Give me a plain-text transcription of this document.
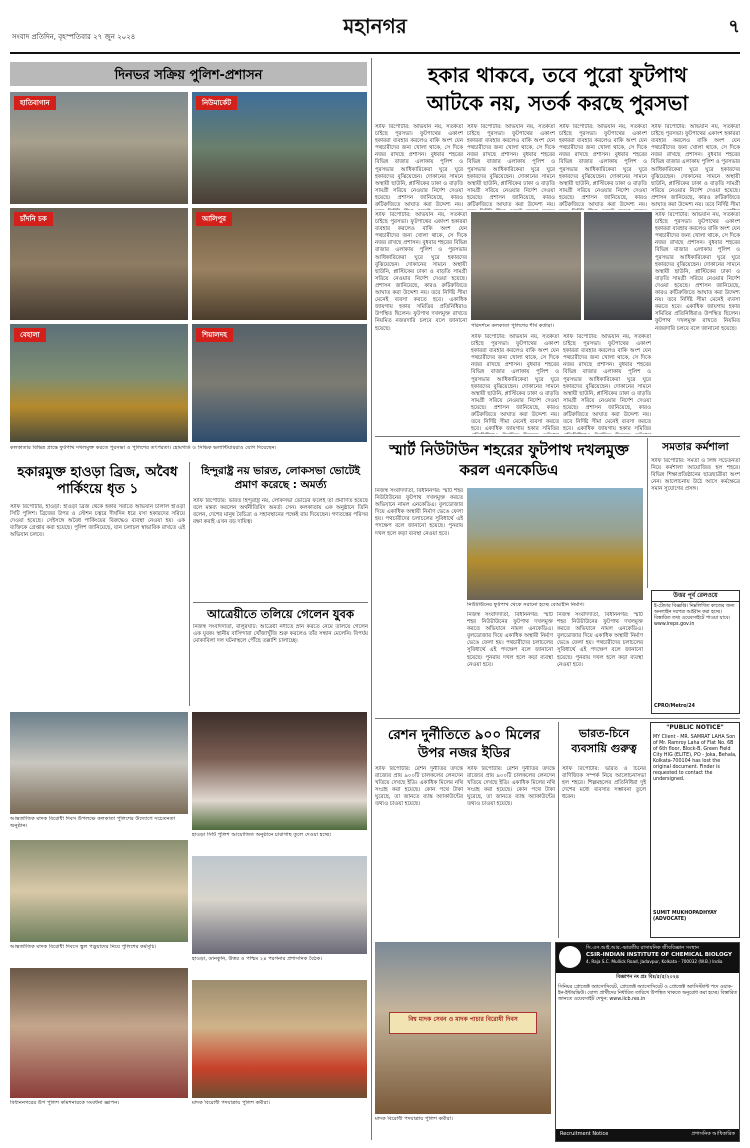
সংবাদ প্রতিদিন, বৃহস্পতিবার ২৭ জুন ২০২৪	মহানগর	৭
দিনভর সক্রিয় পুলিশ-প্রশাসন
হাতিবাগান	নিউমার্কেট
চাঁদনি চক	আলিপুর
বেহালা	শিয়ালদহ
কলকাতার বিভিন্ন প্রান্তে ফুটপাথ দখলমুক্ত করতে পুরসভা ও পুলিশের তৎপরতা। হোমগার্ড ও সিভিক ভলান্টিয়াররাও যোগ দিয়েছেন।
হকারমুক্ত হাওড়া ব্রিজ, অবৈধ পার্কিংয়ে ধৃত ১
স্টাফ রিপোর্টার, হাওড়া: হাওড়া ব্রিজ থেকে হকার সরাতে অভিযান চালাল হাওড়া সিটি পুলিশ। ব্রিজের উপর ও স্টেশন চত্বরে দীর্ঘদিন ধরে বসা হকারদের সরিয়ে দেওয়া হয়েছে। সেইসঙ্গে অবৈধ পার্কিংয়ের বিরুদ্ধেও ব্যবস্থা নেওয়া হয়। এক ব্যক্তিকে গ্রেপ্তার করা হয়েছে। পুলিশ জানিয়েছে, যান চলাচল স্বাভাবিক রাখতে এই অভিযান চলবে।
হিন্দুরাষ্ট্র নয় ভারত, লোকসভা ভোটেই প্রমাণ করেছে : অমর্ত্য
স্টাফ রিপোর্টার: ভারত হিন্দুরাষ্ট্র নয়, লোকসভা ভোটের ফলেই তা প্রমাণিত হয়েছে বলে মন্তব্য করলেন অর্থনীতিবিদ অমর্ত্য সেন। কলকাতায় এক অনুষ্ঠানে তিনি বলেন, দেশের মানুষ বৈচিত্র্য ও সহাবস্থানের পক্ষেই রায় দিয়েছেন। গণতন্ত্রের পরিসর রক্ষা করাই এখন বড় দায়িত্ব।
আত্রেয়ীতে তলিয়ে গেলেন যুবক
নিজস্ব সংবাদদাতা, বালুরঘাট: আত্রেয়ী নদীতে স্নান করতে নেমে তলিয়ে গেলেন এক যুবক। স্থানীয় বাসিন্দারা খোঁজাখুঁজি শুরু করলেও তাঁর সন্ধান মেলেনি। বিপর্যয় মোকাবিলা দল ঘটনাস্থলে পৌঁছে তল্লাশি চালাচ্ছে।
আন্তর্জাতিক মাদক বিরোধী দিবস উপলক্ষে কলকাতা পুলিশের উদ্যোগে সচেতনতা অনুষ্ঠান।
হাওড়া সিটি পুলিশ আয়োজিত অনুষ্ঠানে চারাগাছ তুলে দেওয়া হচ্ছে।
আন্তর্জাতিক মাদক বিরোধী দিবসে স্কুল পড়ুয়াদের নিয়ে পুলিশের কর্মসূচি।
হাওড়া, ডানকুনি, উত্তর ও পশ্চিম ২৪ পরগনার প্রশাসনিক বৈঠক।
বিধাননগরের উপ পুলিশ কমিশনারকে সংবর্ধনা জ্ঞাপন।	মাদক বিরোধী পদযাত্রায় পুলিশ কর্মীরা।
হকার থাকবে, তবে পুরো ফুটপাথ
আটকে নয়, সতর্ক করছে পুরসভা
স্টাফ রিপোর্টার: অভিযান নয়, সতর্কতা চাইছে পুরসভা। ফুটপাথের একাংশ হকাররা ব্যবহার করলেও বাকি অংশ যেন পথচারীদের জন্য খোলা থাকে, সে দিকে নজর রাখছে প্রশাসন। বুধবার শহরের বিভিন্ন বাজার এলাকায় পুলিশ ও পুরসভার আধিকারিকেরা ঘুরে ঘুরে হকারদের বুঝিয়েছেন। দোকানের সামনে অস্থায়ী ছাউনি, প্লাস্টিকের ঢাকা ও বাড়তি সামগ্রী সরিয়ে নেওয়ার নির্দেশ দেওয়া হয়েছে। প্রশাসন জানিয়েছে, কারও রুটিরুজিতে আঘাত করা উদ্দেশ্য নয়।
স্টাফ রিপোর্টার: অভিযান নয়, সতর্কতা চাইছে পুরসভা। ফুটপাথের একাংশ হকাররা ব্যবহার করলেও বাকি অংশ যেন পথচারীদের জন্য খোলা থাকে, সে দিকে নজর রাখছে প্রশাসন। বুধবার শহরের বিভিন্ন বাজার এলাকায় পুলিশ ও পুরসভার আধিকারিকেরা ঘুরে ঘুরে হকারদের বুঝিয়েছেন। দোকানের সামনে অস্থায়ী ছাউনি, প্লাস্টিকের ঢাকা ও বাড়তি সামগ্রী সরিয়ে নেওয়ার নির্দেশ দেওয়া হয়েছে। প্রশাসন জানিয়েছে, কারও রুটিরুজিতে আঘাত করা উদ্দেশ্য নয়।
স্টাফ রিপোর্টার: অভিযান নয়, সতর্কতা চাইছে পুরসভা। ফুটপাথের একাংশ হকাররা ব্যবহার করলেও বাকি অংশ যেন পথচারীদের জন্য খোলা থাকে, সে দিকে নজর রাখছে প্রশাসন। বুধবার শহরের বিভিন্ন বাজার এলাকায় পুলিশ ও পুরসভার আধিকারিকেরা ঘুরে ঘুরে হকারদের বুঝিয়েছেন। দোকানের সামনে অস্থায়ী ছাউনি, প্লাস্টিকের ঢাকা ও বাড়তি সামগ্রী সরিয়ে নেওয়ার নির্দেশ দেওয়া হয়েছে। প্রশাসন জানিয়েছে, কারও রুটিরুজিতে আঘাত করা উদ্দেশ্য নয়।
স্টাফ রিপোর্টার: অভিযান নয়, সতর্কতা চাইছে পুরসভা। ফুটপাথের একাংশ হকাররা ব্যবহার করলেও বাকি অংশ যেন পথচারীদের জন্য খোলা থাকে, সে দিকে নজর রাখছে প্রশাসন। বুধবার শহরের বিভিন্ন বাজার এলাকায় পুলিশ ও পুরসভার আধিকারিকেরা ঘুরে ঘুরে হকারদের বুঝিয়েছেন। দোকানের সামনে অস্থায়ী ছাউনি, প্লাস্টিকের ঢাকা ও বাড়তি সামগ্রী সরিয়ে নেওয়ার নির্দেশ দেওয়া হয়েছে। প্রশাসন জানিয়েছে, কারও রুটিরুজিতে আঘাত করা উদ্দেশ্য নয়। তবে নির্দিষ্ট সীমা
পরিদর্শনে কলকাতা পুলিশের শীর্ষ কর্তারা।
স্টাফ রিপোর্টার: অভিযান নয়, সতর্কতা চাইছে পুরসভা। ফুটপাথের একাংশ হকাররা ব্যবহার করলেও বাকি অংশ যেন পথচারীদের জন্য খোলা থাকে, সে দিকে নজর রাখছে প্রশাসন। বুধবার শহরের বিভিন্ন বাজার এলাকায় পুলিশ ও পুরসভার আধিকারিকেরা ঘুরে ঘুরে হকারদের বুঝিয়েছেন। দোকানের সামনে অস্থায়ী ছাউনি, প্লাস্টিকের ঢাকা ও বাড়তি সামগ্রী সরিয়ে নেওয়ার নির্দেশ দেওয়া হয়েছে। প্রশাসন জানিয়েছে, কারও রুটিরুজিতে আঘাত করা উদ্দেশ্য নয়। তবে নির্দিষ্ট সীমা মেনেই ব্যবসা করতে হবে। একাধিক জায়গায় হকার সমিতির প্রতিনিধিরাও উপস্থিত ছিলেন। ফুটপাথ দখলমুক্ত রাখতে নিয়মিত নজরদারি চলবে বলে জানানো হয়েছে।
স্টাফ রিপোর্টার: অভিযান নয়, সতর্কতা চাইছে পুরসভা। ফুটপাথের একাংশ হকাররা ব্যবহার করলেও বাকি অংশ যেন পথচারীদের জন্য খোলা থাকে, সে দিকে নজর রাখছে প্রশাসন। বুধবার শহরের বিভিন্ন বাজার এলাকায় পুলিশ ও পুরসভার আধিকারিকেরা ঘুরে ঘুরে হকারদের বুঝিয়েছেন। দোকানের সামনে অস্থায়ী ছাউনি, প্লাস্টিকের ঢাকা ও বাড়তি সামগ্রী সরিয়ে নেওয়ার নির্দেশ দেওয়া হয়েছে। প্রশাসন জানিয়েছে, কারও রুটিরুজিতে আঘাত করা উদ্দেশ্য নয়। তবে নির্দিষ্ট সীমা মেনেই ব্যবসা করতে হবে। একাধিক জায়গায় হকার সমিতির
স্টাফ রিপোর্টার: অভিযান নয়, সতর্কতা চাইছে পুরসভা। ফুটপাথের একাংশ হকাররা ব্যবহার করলেও বাকি অংশ যেন পথচারীদের জন্য খোলা থাকে, সে দিকে নজর রাখছে প্রশাসন। বুধবার শহরের বিভিন্ন বাজার এলাকায় পুলিশ ও পুরসভার আধিকারিকেরা ঘুরে ঘুরে হকারদের বুঝিয়েছেন। দোকানের সামনে অস্থায়ী ছাউনি, প্লাস্টিকের ঢাকা ও বাড়তি সামগ্রী সরিয়ে নেওয়ার নির্দেশ দেওয়া হয়েছে। প্রশাসন জানিয়েছে, কারও রুটিরুজিতে আঘাত করা উদ্দেশ্য নয়। তবে নির্দিষ্ট সীমা মেনেই ব্যবসা করতে হবে। একাধিক জায়গায় হকার সমিতির
স্টাফ রিপোর্টার: অভিযান নয়, সতর্কতা চাইছে পুরসভা। ফুটপাথের একাংশ হকাররা ব্যবহার করলেও বাকি অংশ যেন পথচারীদের জন্য খোলা থাকে, সে দিকে নজর রাখছে প্রশাসন। বুধবার শহরের বিভিন্ন বাজার এলাকায় পুলিশ ও পুরসভার আধিকারিকেরা ঘুরে ঘুরে হকারদের বুঝিয়েছেন। দোকানের সামনে অস্থায়ী ছাউনি, প্লাস্টিকের ঢাকা ও বাড়তি সামগ্রী সরিয়ে নেওয়ার নির্দেশ দেওয়া হয়েছে। প্রশাসন জানিয়েছে, কারও রুটিরুজিতে আঘাত করা উদ্দেশ্য নয়। তবে নির্দিষ্ট সীমা মেনেই ব্যবসা করতে হবে। একাধিক জায়গায় হকার সমিতির প্রতিনিধিরাও উপস্থিত ছিলেন। ফুটপাথ দখলমুক্ত রাখতে নিয়মিত নজরদারি চলবে বলে জানানো হয়েছে।
স্মার্ট নিউটাউন শহরের ফুটপাথ দখলমুক্ত করল এনকেডিএ
নিজস্ব সংবাদদাতা, বিধাননগর: স্মার্ট শহর নিউটাউনের ফুটপাথ দখলমুক্ত করতে অভিযানে নামল এনকেডিএ। বুলডোজার দিয়ে একাধিক অস্থায়ী নির্মাণ ভেঙে ফেলা হয়। পথচারীদের চলাচলের সুবিধার্থে এই পদক্ষেপ বলে জানানো হয়েছে। পুনরায় দখল হলে কড়া ব্যবস্থা নেওয়া হবে।
নিউটাউনের ফুটপাথ থেকে সরানো হচ্ছে বেআইনি নির্মাণ।
নিজস্ব সংবাদদাতা, বিধাননগর: স্মার্ট শহর নিউটাউনের ফুটপাথ দখলমুক্ত করতে অভিযানে নামল এনকেডিএ। বুলডোজার দিয়ে একাধিক অস্থায়ী নির্মাণ ভেঙে ফেলা হয়। পথচারীদের চলাচলের সুবিধার্থে এই পদক্ষেপ বলে জানানো হয়েছে। পুনরায় দখল হলে কড়া ব্যবস্থা নেওয়া হবে।
নিজস্ব সংবাদদাতা, বিধাননগর: স্মার্ট শহর নিউটাউনের ফুটপাথ দখলমুক্ত করতে অভিযানে নামল এনকেডিএ। বুলডোজার দিয়ে একাধিক অস্থায়ী নির্মাণ ভেঙে ফেলা হয়। পথচারীদের চলাচলের সুবিধার্থে এই পদক্ষেপ বলে জানানো হয়েছে। পুনরায় দখল হলে কড়া ব্যবস্থা নেওয়া হবে।
সমতার কর্মশালা
স্টাফ রিপোর্টার: সমতা ও লিঙ্গ সচেতনতা নিয়ে কর্মশালা আয়োজিত হল শহরে। বিভিন্ন শিক্ষাপ্রতিষ্ঠানের ছাত্রছাত্রীরা অংশ নেন। আলোচনায় উঠে আসে কর্মক্ষেত্রে সমান সুযোগের প্রসঙ্গ।
উত্তর পূর্ব রেলওয়ে
ই-টেন্ডার বিজ্ঞপ্তি। নিম্নলিখিত কাজের জন্য অনলাইন দরপত্র আহ্বান করা হচ্ছে। বিস্তারিত তথ্য ওয়েবসাইটে পাওয়া যাবে। www.ireps.gov.in
CPRO/Metro/24
রেশন দুর্নীতিতে ৯০০ মিলের উপর নজর ইডির
স্টাফ রিপোর্টার: রেশন দুর্নীতির তদন্তে রাজ্যের প্রায় ৯০০টি চালকলের লেনদেন খতিয়ে দেখছে ইডি। একাধিক মিলের নথি সংগ্রহ করা হয়েছে। কোন পথে টাকা ঘুরেছে, তা জানতে ব্যাঙ্ক অ্যাকাউন্টের তথ্যও চাওয়া হয়েছে।
স্টাফ রিপোর্টার: রেশন দুর্নীতির তদন্তে রাজ্যের প্রায় ৯০০টি চালকলের লেনদেন খতিয়ে দেখছে ইডি। একাধিক মিলের নথি সংগ্রহ করা হয়েছে। কোন পথে টাকা ঘুরেছে, তা জানতে ব্যাঙ্ক অ্যাকাউন্টের তথ্যও চাওয়া হয়েছে।
ভারত-চিনে ব্যবসায়ি গুরুত্ব
স্টাফ রিপোর্টার: ভারত ও চিনের বাণিজ্যিক সম্পর্ক নিয়ে আলোচনাসভা হল শহরে। শিল্পমহলের প্রতিনিধিরা দুই দেশের মধ্যে ব্যবসার সম্ভাবনা তুলে ধরেন।
"PUBLIC NOTICE"
MY Client - MR. SAMRAT LAHA Son of Mr. Ramroy Laha of Flat No. 6B of 6th floor, Block-B, Green Field City HIG (ELITE), PO - Joka, Behala, Kolkata-700104 has lost the original document. Finder is requested to contact the undersigned.
SUMIT MUKHOPADHYAY (ADVOCATE)
সি.এস.আই.আর.-ভারতীয় রাসায়নিক জীববিজ্ঞান সংস্থান
CSIR-INDIAN INSTITUTE OF CHEMICAL BIOLOGY
4, Raja S.C. Mullick Road, Jadavpur, Kolkata - 700032 (W.B.) India
বিজ্ঞাপন নং প্রঃ বিঃ/৫/৫/২০২৪
সিনিয়র প্রোজেক্ট অ্যাসোসিয়েট, প্রোজেক্ট অ্যাসোসিয়েট ও প্রোজেক্ট অ্যাসিস্ট্যান্ট পদে ওয়াক-ইন-ইন্টারভিউ। যোগ্য প্রার্থীদের নির্ধারিত তারিখে উপস্থিত থাকতে অনুরোধ করা হচ্ছে। বিস্তারিত জানতে ওয়েবসাইট দেখুন: www.iicb.res.in
Recruitment Notice	প্রশাসনিক আধিকারিক
বিশ্ব মাদক সেবন ও মাদক পাচার বিরোধী দিবস
মাদক বিরোধী পদযাত্রায় পুলিশ কর্মীরা।
